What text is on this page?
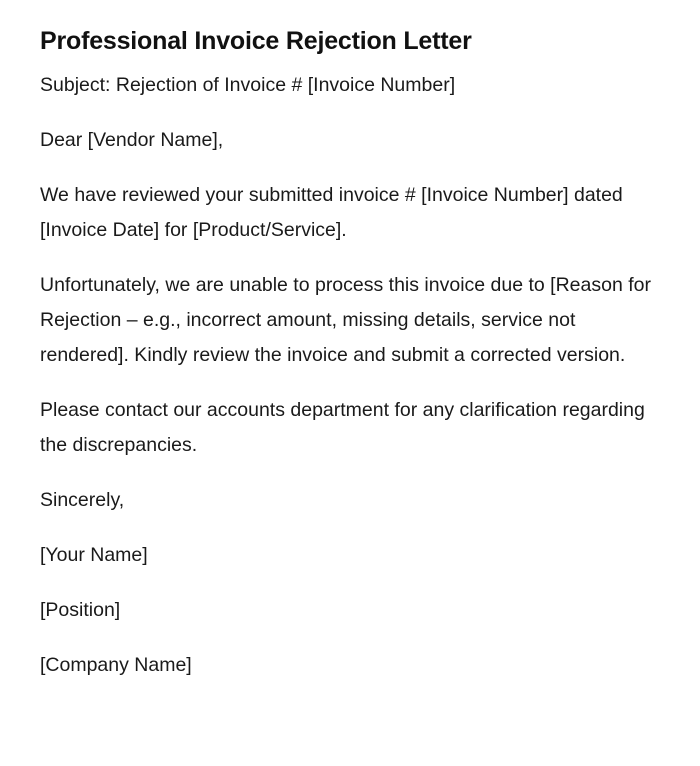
Professional Invoice Rejection Letter

Subject: Rejection of Invoice # [Invoice Number]

Dear [Vendor Name],

We have reviewed your submitted invoice # [Invoice Number] dated [Invoice Date] for [Product/Service].

Unfortunately, we are unable to process this invoice due to [Reason for Rejection – e.g., incorrect amount, missing details, service not rendered]. Kindly review the invoice and submit a corrected version.

Please contact our accounts department for any clarification regarding the discrepancies.

Sincerely,

[Your Name]

[Position]

[Company Name]
